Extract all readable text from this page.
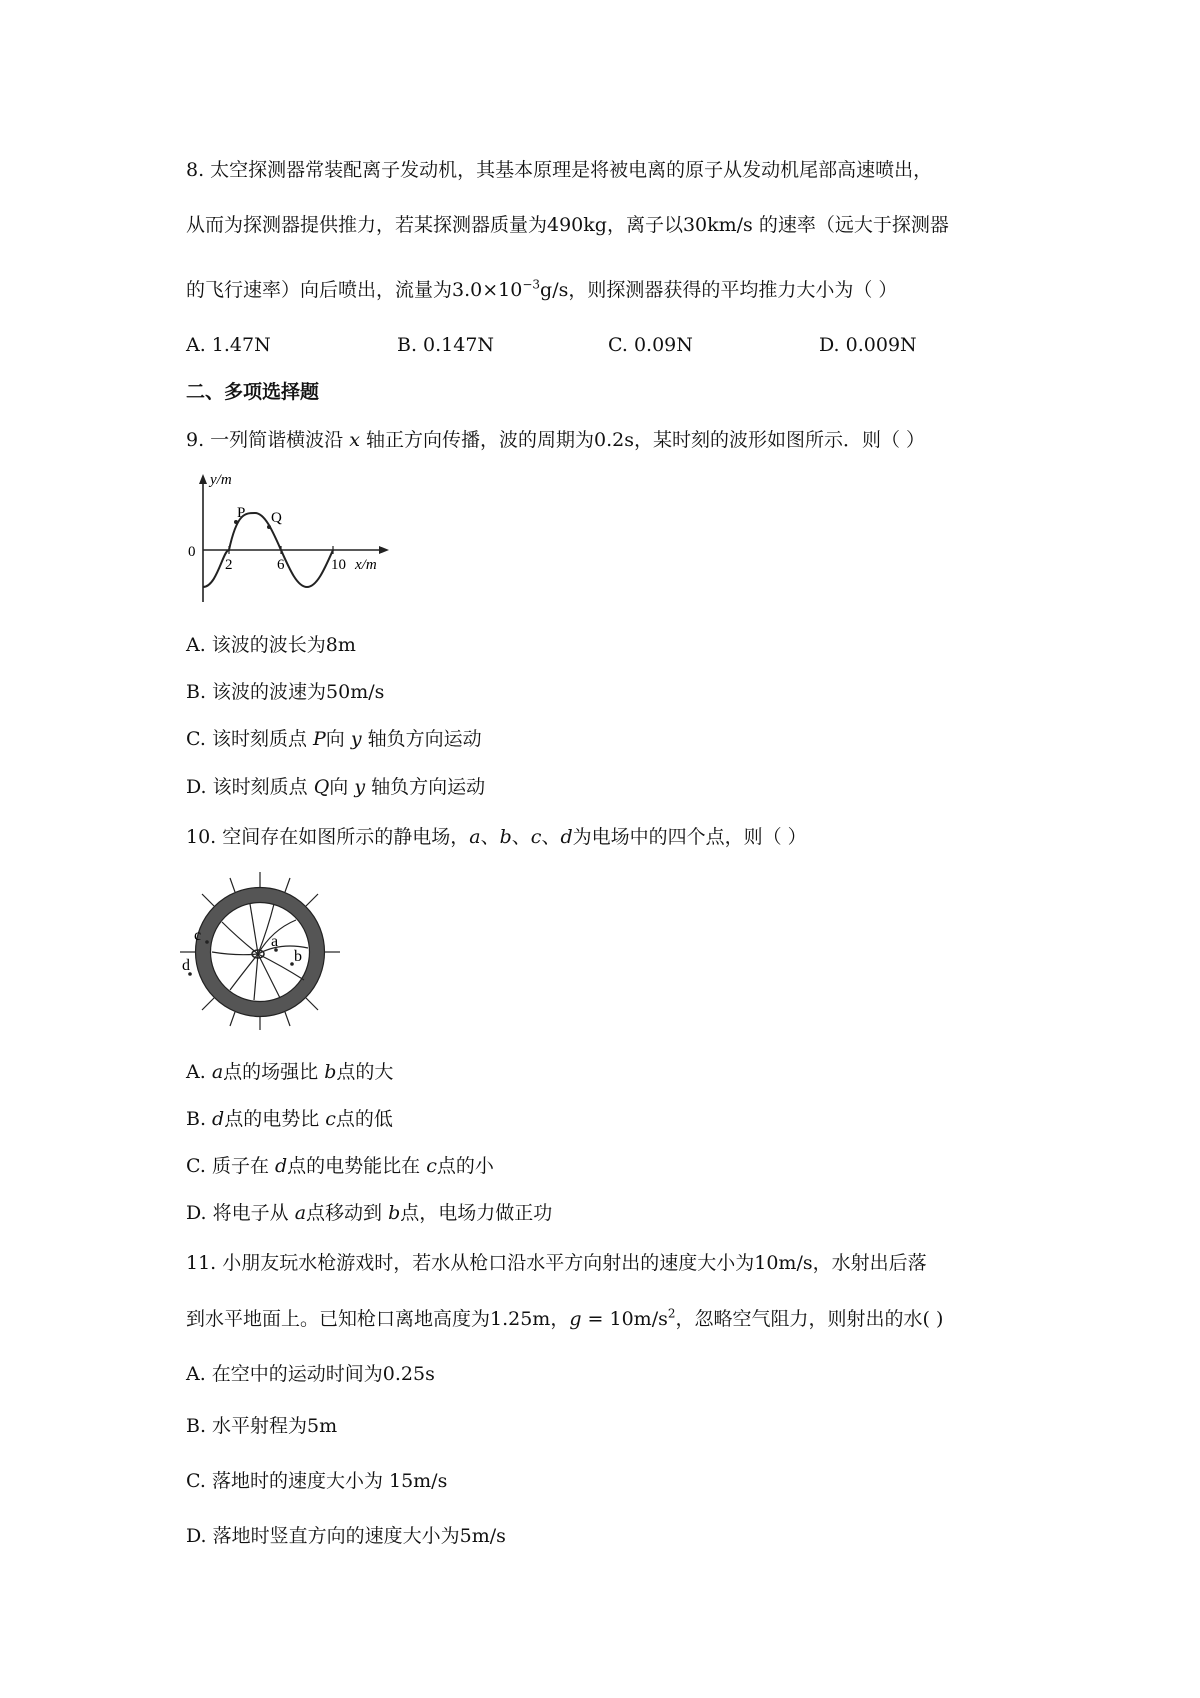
8. 太空探测器常装配离子发动机，其基本原理是将被电离的原子从发动机尾部高速喷出，
从而为探测器提供推力，若某探测器质量为490kg，离子以30km/s 的速率（远大于探测器
的飞行速率）向后喷出，流量为$3.0\times 10^{-3}g/s$，则探测器获得的平均推力大小为（ ）
A. 1.47N	B. 0.147N	C. 0.09N	D. 0.009N
二、多项选择题
9. 一列简谐横波沿 x 轴正方向传播，波的周期为0.2s，某时刻的波形如图所示．则（ ）
y/m
0
2	6	10 x/m
P Q
A. 该波的波长为8m
B. 该波的波速为50m/s
C. 该时刻质点 P向 y 轴负方向运动
D. 该时刻质点 Q向 y 轴负方向运动
10. 空间存在如图所示的静电场，a、b、c、d为电场中的四个点，则（ ）
a
b
c
d
A. a点的场强比 b点的大
B. d点的电势比 c点的低
C. 质子在 d点的电势能比在 c点的小
D. 将电子从 a点移动到 b点，电场力做正功
11. 小朋友玩水枪游戏时，若水从枪口沿水平方向射出的速度大小为10m/s，水射出后落
到水平地面上。已知枪口离地高度为1.25m，$g = 10m/s^2$，忽略空气阻力，则射出的水( )
A. 在空中的运动时间为0.25s
B. 水平射程为5m
C. 落地时的速度大小为 15m/s
D. 落地时竖直方向的速度大小为5m/s
